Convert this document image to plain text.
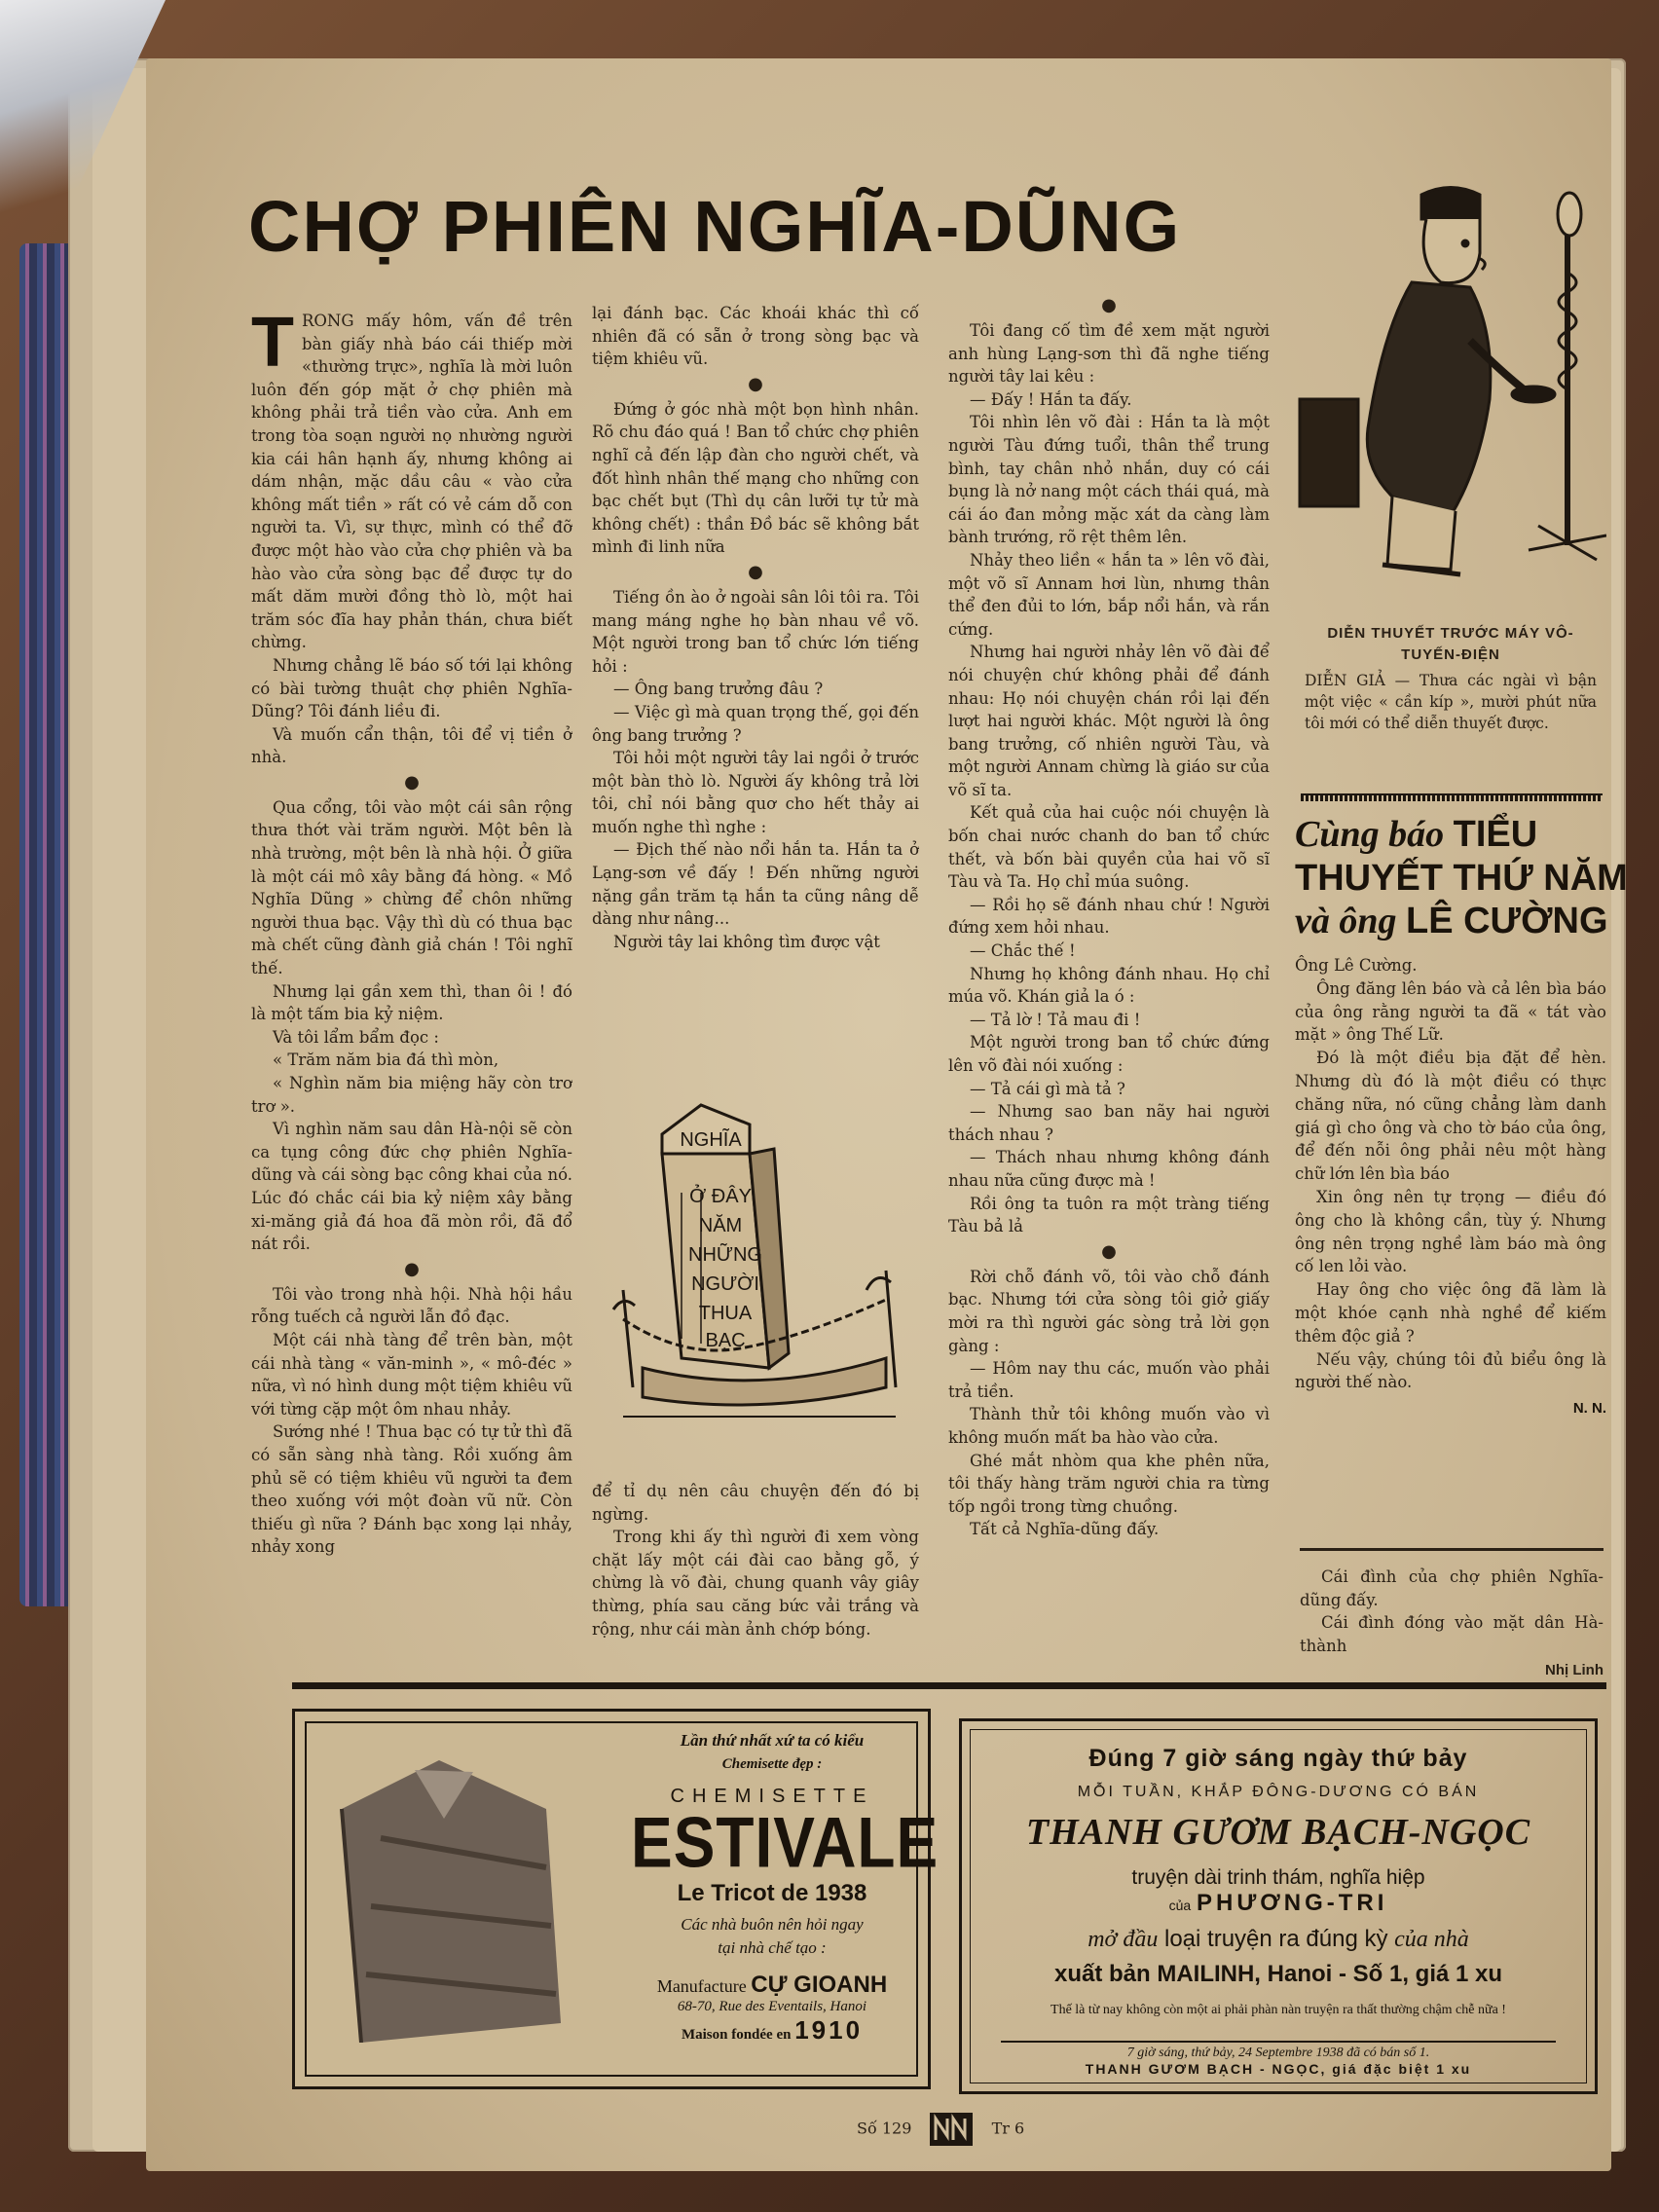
CHỢ PHIÊN NGHĨA-DŨNG

TRONG mấy hôm, vấn đề trên bàn giấy nhà báo cái thiếp mời «thường trực», nghĩa là mời luôn luôn đến góp mặt ở chợ phiên mà không phải trả tiền vào cửa. Anh em trong tòa soạn người nọ nhường người kia cái hân hạnh ấy, nhưng không ai dám nhận, mặc dầu câu « vào cửa không mất tiền » rất có vẻ cám dỗ con người ta. Vì, sự thực, mình có thể đỡ được một hào vào cửa chợ phiên và ba hào vào cửa sòng bạc để được tự do mất dăm mười đồng thò lò, một hai trăm sóc đĩa hay phản thán, chưa biết chừng.

Nhưng chẳng lẽ báo số tới lại không có bài tường thuật chợ phiên Nghĩa-Dũng? Tôi đánh liều đi.

Và muốn cẩn thận, tôi để vị tiền ở nhà.

●

Qua cổng, tôi vào một cái sân rộng thưa thớt vài trăm người. Một bên là nhà trường, một bên là nhà hội. Ở giữa là một cái mô xây bằng đá hòng. « Mồ Nghĩa Dũng » chừng để chôn những người thua bạc. Vậy thì dù có thua bạc mà chết cũng đành giả chán ! Tôi nghĩ thế.

Nhưng lại gần xem thì, than ôi ! đó là một tấm bia kỷ niệm.

Và tôi lẩm bẩm đọc :

« Trăm năm bia đá thì mòn,

« Nghìn năm bia miệng hãy còn trơ trơ ».

Vì nghìn năm sau dân Hà-nội sẽ còn ca tụng công đức chợ phiên Nghĩa-dũng và cái sòng bạc công khai của nó. Lúc đó chắc cái bia kỷ niệm xây bằng xi-măng giả đá hoa đã mòn rồi, đã đổ nát rồi.

●

Tôi vào trong nhà hội. Nhà hội hầu rỗng tuếch cả người lẫn đồ đạc.

Một cái nhà tàng để trên bàn, một cái nhà tàng « văn-minh », « mô-đéc » nữa, vì nó hình dung một tiệm khiêu vũ với từng cặp một ôm nhau nhảy.

Sướng nhé ! Thua bạc có tự tử thì đã có sẵn sàng nhà tàng. Rồi xuống âm phủ sẽ có tiệm khiêu vũ người ta đem theo xuống với một đoàn vũ nữ. Còn thiếu gì nữa ? Đánh bạc xong lại nhảy, nhảy xong

lại đánh bạc. Các khoái khác thì cố nhiên đã có sẵn ở trong sòng bạc và tiệm khiêu vũ.

●

Đứng ở góc nhà một bọn hình nhân. Rõ chu đáo quá ! Ban tổ chức chợ phiên nghĩ cả đến lập đàn cho người chết, và đốt hình nhân thế mạng cho những con bạc chết bụt (Thì dụ cân lưỡi tự tử mà không chết) : thần Đồ bác sẽ không bắt mình đi linh nữa

●

Tiếng ồn ào ở ngoài sân lôi tôi ra. Tôi mang máng nghe họ bàn nhau về võ. Một người trong ban tổ chức lớn tiếng hỏi :

— Ông bang trưởng đâu ?

— Việc gì mà quan trọng thế, gọi đến ông bang trưởng ?

Tôi hỏi một người tây lai ngồi ở trước một bàn thò lò. Người ấy không trả lời tôi, chỉ nói bằng quơ cho hết thảy ai muốn nghe thì nghe :

— Địch thế nào nổi hắn ta. Hắn ta ở Lạng-sơn về đấy ! Đến những người nặng gần trăm tạ hắn ta cũng nâng dễ dàng như nâng...

Người tây lai không tìm được vật

NGHĨA
Ở ĐÂY
NĂM
NHỮNG
NGƯỜI
THUA
BẠC

để tỉ dụ nên câu chuyện đến đó bị ngừng.

Trong khi ấy thì người đi xem vòng chặt lấy một cái đài cao bằng gỗ, ý chừng là võ đài, chung quanh vây giây thừng, phía sau căng bức vải trắng và rộng, như cái màn ảnh chớp bóng.

●

Tôi đang cố tìm đề xem mặt người anh hùng Lạng-sơn thì đã nghe tiếng người tây lai kêu :

— Đấy ! Hắn ta đấy.

Tôi nhìn lên võ đài : Hắn ta là một người Tàu đứng tuổi, thân thể trung bình, tay chân nhỏ nhắn, duy có cái bụng là nở nang một cách thái quá, mà cái áo đan mỏng mặc xát da càng làm bành trướng, rõ rệt thêm lên.

Nhảy theo liền « hắn ta » lên võ đài, một võ sĩ Annam hơi lùn, nhưng thân thể đen đủi to lớn, bắp nổi hắn, và rắn cứng.

Nhưng hai người nhảy lên võ đài để nói chuyện chứ không phải để đánh nhau: Họ nói chuyện chán rồi lại đến lượt hai người khác. Một người là ông bang trưởng, cố nhiên người Tàu, và một người Annam chừng là giáo sư của võ sĩ ta.

Kết quả của hai cuộc nói chuyện là bốn chai nước chanh do ban tổ chức thết, và bốn bài quyền của hai võ sĩ Tàu và Ta. Họ chỉ múa suông.

— Rồi họ sẽ đánh nhau chứ ! Người đứng xem hỏi nhau.

— Chắc thế !

Nhưng họ không đánh nhau. Họ chỉ múa võ. Khán giả la ó :

— Tả lờ ! Tả mau đi !

Một người trong ban tổ chức đứng lên võ đài nói xuống :

— Tả cái gì mà tả ?

— Nhưng sao ban nãy hai người thách nhau ?

— Thách nhau nhưng không đánh nhau nữa cũng được mà !

Rồi ông ta tuôn ra một tràng tiếng Tàu bả lả

●

Rời chỗ đánh võ, tôi vào chỗ đánh bạc. Nhưng tới cửa sòng tôi giở giấy mời ra thì người gác sòng trả lời gọn gàng :

— Hôm nay thu các, muốn vào phải trả tiền.

Thành thử tôi không muốn vào vì không muốn mất ba hào vào cửa.

Ghé mắt nhòm qua khe phên nữa, tôi thấy hàng trăm người chia ra từng tốp ngồi trong từng chuồng.

Tất cả Nghĩa-dũng đấy.

DIỄN THUYẾT TRƯỚC MÁY VÔ-TUYẾN-ĐIỆN

DIỄN GIẢ — Thưa các ngài vì bận một việc « cần kíp », mười phút nữa tôi mới có thể diễn thuyết được.

Cùng báo TIỂU
THUYẾT THỨ NĂM
và ông LÊ CƯỜNG

Ông Lê Cường.

Ông đăng lên báo và cả lên bìa báo của ông rằng người ta đã « tát vào mặt » ông Thế Lữ.

Đó là một điều bịa đặt để hèn. Nhưng dù đó là một điều có thực chăng nữa, nó cũng chẳng làm danh giá gì cho ông và cho tờ báo của ông, để đến nỗi ông phải nêu một hàng chữ lớn lên bìa báo

Xin ông nên tự trọng — điều đó ông cho là không cần, tùy ý. Nhưng ông nên trọng nghề làm báo mà ông cố len lỏi vào.

Hay ông cho việc ông đã làm là một khóe cạnh nhà nghề để kiếm thêm độc giả ?

Nếu vậy, chúng tôi đủ biểu ông là người thế nào.

N. N.

Cái đình của chợ phiên Nghĩa-dũng đấy.

Cái đình đóng vào mặt dân Hà-thành

Nhị Linh
Lần thứ nhất xứ ta có kiểu
Chemisette đẹp :
CHEMISETTE
ESTIVALE
Le Tricot de 1938
Các nhà buôn nên hỏi ngay
tại nhà chế tạo :
Manufacture CỰ GIOANH
68-70, Rue des Eventails, Hanoi
Maison fondée en 1910
Đúng 7 giờ sáng ngày thứ bảy
MỖI TUẦN, KHẮP ĐÔNG-DƯƠNG CÓ BÁN
THANH GƯƠM BẠCH-NGỌC
truyện dài trinh thám, nghĩa hiệp
của PHƯƠNG-TRI
mở đầu loại truyện ra đúng kỳ của nhà
xuất bản MAILINH, Hanoi - Số 1, giá 1 xu
Thế là từ nay không còn một ai phải phàn nàn truyện ra thất thường chậm chễ nữa !
7 giờ sáng, thứ bảy, 24 Septembre 1938 đã có bán số 1.
THANH GƯƠM BẠCH - NGỌC, giá đặc biệt 1 xu
Số 129	Tr 6
